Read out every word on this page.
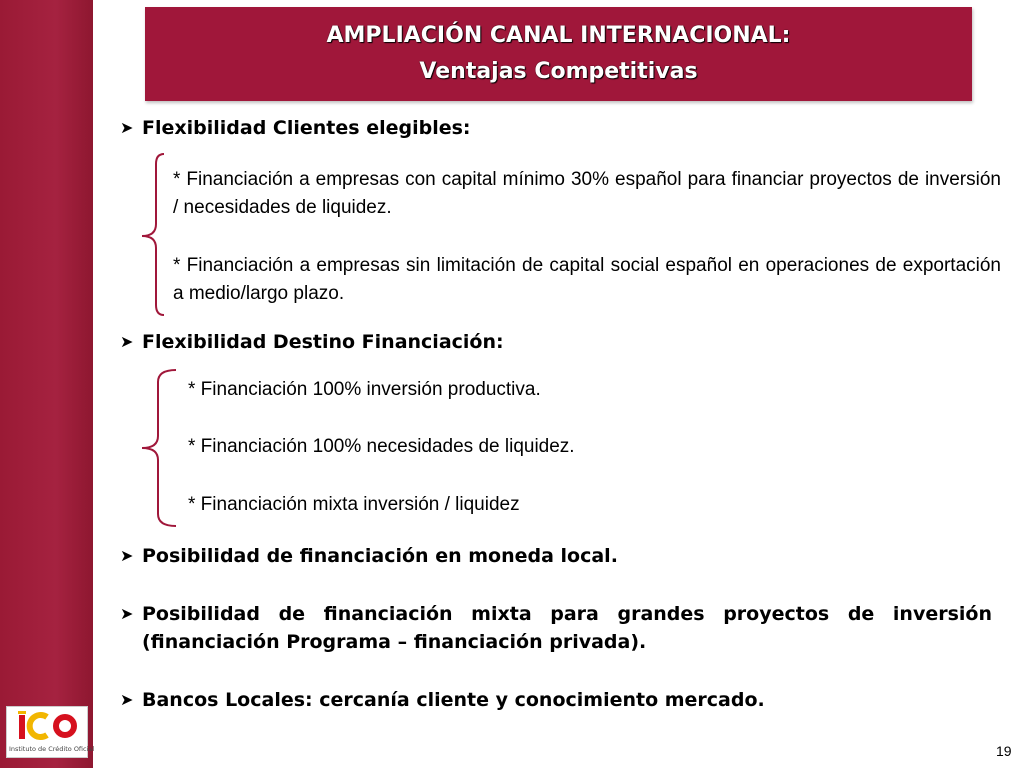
AMPLIACIÓN CANAL INTERNACIONAL:
Ventajas Competitivas
➤ Flexibilidad Clientes elegibles:
* Financiación a empresas con capital mínimo 30% español para financiar proyectos de inversión / necesidades de liquidez.
* Financiación a empresas sin limitación de capital social español en operaciones de exportación a medio/largo plazo.
➤ Flexibilidad Destino Financiación:
* Financiación 100% inversión productiva.
* Financiación 100% necesidades de liquidez.
* Financiación mixta inversión / liquidez
➤ Posibilidad de financiación en moneda local.
➤ Posibilidad de financiación mixta para grandes proyectos de inversión (financiación Programa – financiación privada).
➤ Bancos Locales: cercanía cliente y conocimiento mercado.
Instituto de Crédito Oficial	19
